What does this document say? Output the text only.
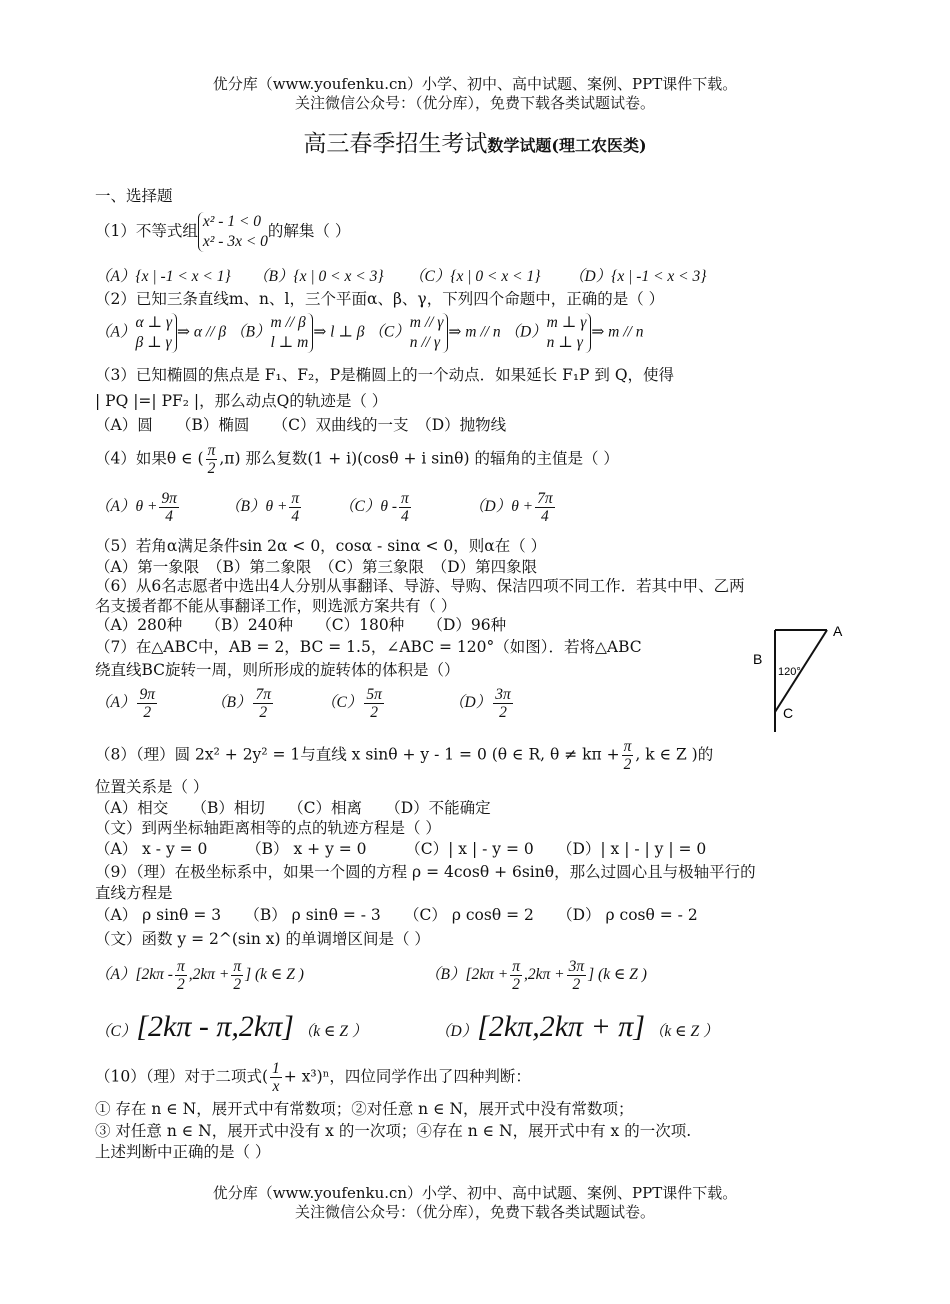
优分库（www.youfenku.cn）小学、初中、高中试题、案例、PPT课件下载。
关注微信公众号：（优分库），免费下载各类试题试卷。
高三春季招生考试数学试题(理工农医类)
一、选择题
（1）不等式组
x² - 1 < 0
x² - 3x < 0
的解集（ ）
（A）{x | -1 < x < 1} （B）{x | 0 < x < 3} （C）{x | 0 < x < 1} （D）{x | -1 < x < 3}
（2）已知三条直线m、n、l，三个平面α、β、γ，下列四个命题中，正确的是（ ）
（A）
α ⊥ γ
β ⊥ γ
⇒ α // β （B）
m // β
l ⊥ m
⇒ l ⊥ β （C）
m // γ
n // γ
⇒ m // n （D）
m ⊥ γ
n ⊥ γ
⇒ m // n
（3）已知椭圆的焦点是 F₁、F₂，P是椭圆上的一个动点．如果延长 F₁P 到 Q，使得
| PQ |=| PF₂ |，那么动点Q的轨迹是（ ）
（A）圆　　（B）椭圆　　（C）双曲线的一支　（D）抛物线
（4）如果θ ∈ ( $\frac{\pi}{2} ,\pi$) 那么复数(1 + i)(cosθ + i sinθ) 的辐角的主值是（ ）
$(A)\theta + \frac{9\pi}{4}$	$(B)\theta + \frac{\pi}{4} (C)\theta - \frac{\pi}{4}$	$(D)\theta + \frac{7\pi}{4}$
（5）若角α满足条件sin 2α < 0，cosα - sinα < 0，则α在（ ）
（A）第一象限　（B）第二象限　（C）第三象限　（D）第四象限
（6）从6名志愿者中选出4人分别从事翻译、导游、导购、保洁四项不同工作．若其中甲、乙两
名支援者都不能从事翻译工作，则选派方案共有（ ）
（A）280种　　（B）240种　　（C）180种　　（D）96种
（7）在△ABC中，AB = 2，BC = 1.5，∠ABC = 120°（如图）．若将△ABC
绕直线BC旋转一周，则所形成的旋转体的体积是（）
$(A) \frac{9\pi}{2}$	$(B) \frac{7\pi}{2}$	$(C) \frac{5\pi}{2}$	$(D) \frac{3\pi}{2}$
A
B
C
120°
（8）（理）圆 2x² + 2y² = 1与直线 x sinθ + y - 1 = 0 (θ ∈ R, $\theta \ne k\pi + \frac{\pi}{2}$ , k ∈ Z )的
位置关系是（ ）
（A）相交　　（B）相切　　（C）相离　　（D）不能确定
（文）到两坐标轴距离相等的点的轨迹方程是（ ）
（A） x - y = 0　　　（B） x + y = 0　　　（C）| x | - y = 0　　（D）| x | - | y | = 0
（9）（理）在极坐标系中，如果一个圆的方程 ρ = 4cosθ + 6sinθ，那么过圆心且与极轴平行的
直线方程是
（A） ρ sinθ = 3　　（B） ρ sinθ = - 3　　（C） ρ cosθ = 2　　（D） ρ cosθ = - 2
（文）函数 y = 2^(sin x) 的单调增区间是（ ）
$(A)[2k\pi - \frac{\pi}{2} ,2k\pi + \frac{\pi}{2}$ ] (k ∈ Z )	$(B)[2k\pi + \frac{\pi}{2} ,2k\pi + \frac{3\pi}{2}$ ] (k ∈ Z )
（C）[2kπ - π,2kπ] （k ∈ Z ）	（D）[2kπ,2kπ + π] （k ∈ Z ）
（10）（理）对于二项式( $\frac{1}{x} + x^3)^n$，四位同学作出了四种判断：
① 存在 n ∈ N，展开式中有常数项；②对任意 n ∈ N，展开式中没有常数项；
③ 对任意 n ∈ N，展开式中没有 x 的一次项；④存在 n ∈ N，展开式中有 x 的一次项.
上述判断中正确的是（ ）
优分库（www.youfenku.cn）小学、初中、高中试题、案例、PPT课件下载。
关注微信公众号：（优分库），免费下载各类试题试卷。
